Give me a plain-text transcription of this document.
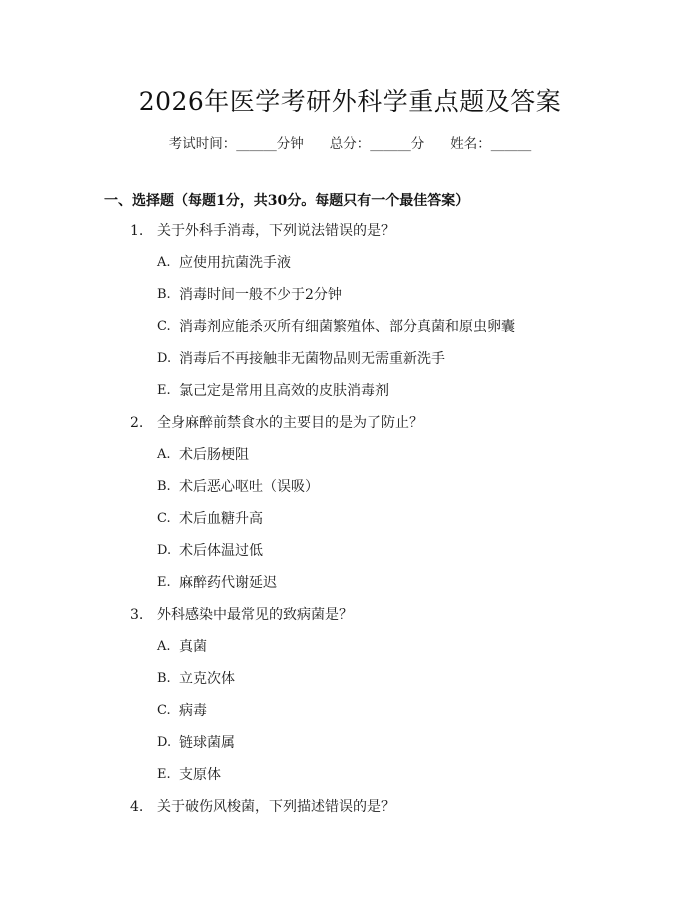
2026年医学考研外科学重点题及答案
考试时间：______分钟 总分：______分 姓名：______
一、选择题（每题1分，共30分。每题只有一个最佳答案）
1. 关于外科手消毒，下列说法错误的是？
A. 应使用抗菌洗手液
B. 消毒时间一般不少于2分钟
C. 消毒剂应能杀灭所有细菌繁殖体、部分真菌和原虫卵囊
D. 消毒后不再接触非无菌物品则无需重新洗手
E. 氯己定是常用且高效的皮肤消毒剂
2. 全身麻醉前禁食水的主要目的是为了防止？
A. 术后肠梗阻
B. 术后恶心呕吐（误吸）
C. 术后血糖升高
D. 术后体温过低
E. 麻醉药代谢延迟
3. 外科感染中最常见的致病菌是？
A. 真菌
B. 立克次体
C. 病毒
D. 链球菌属
E. 支原体
4. 关于破伤风梭菌，下列描述错误的是？
